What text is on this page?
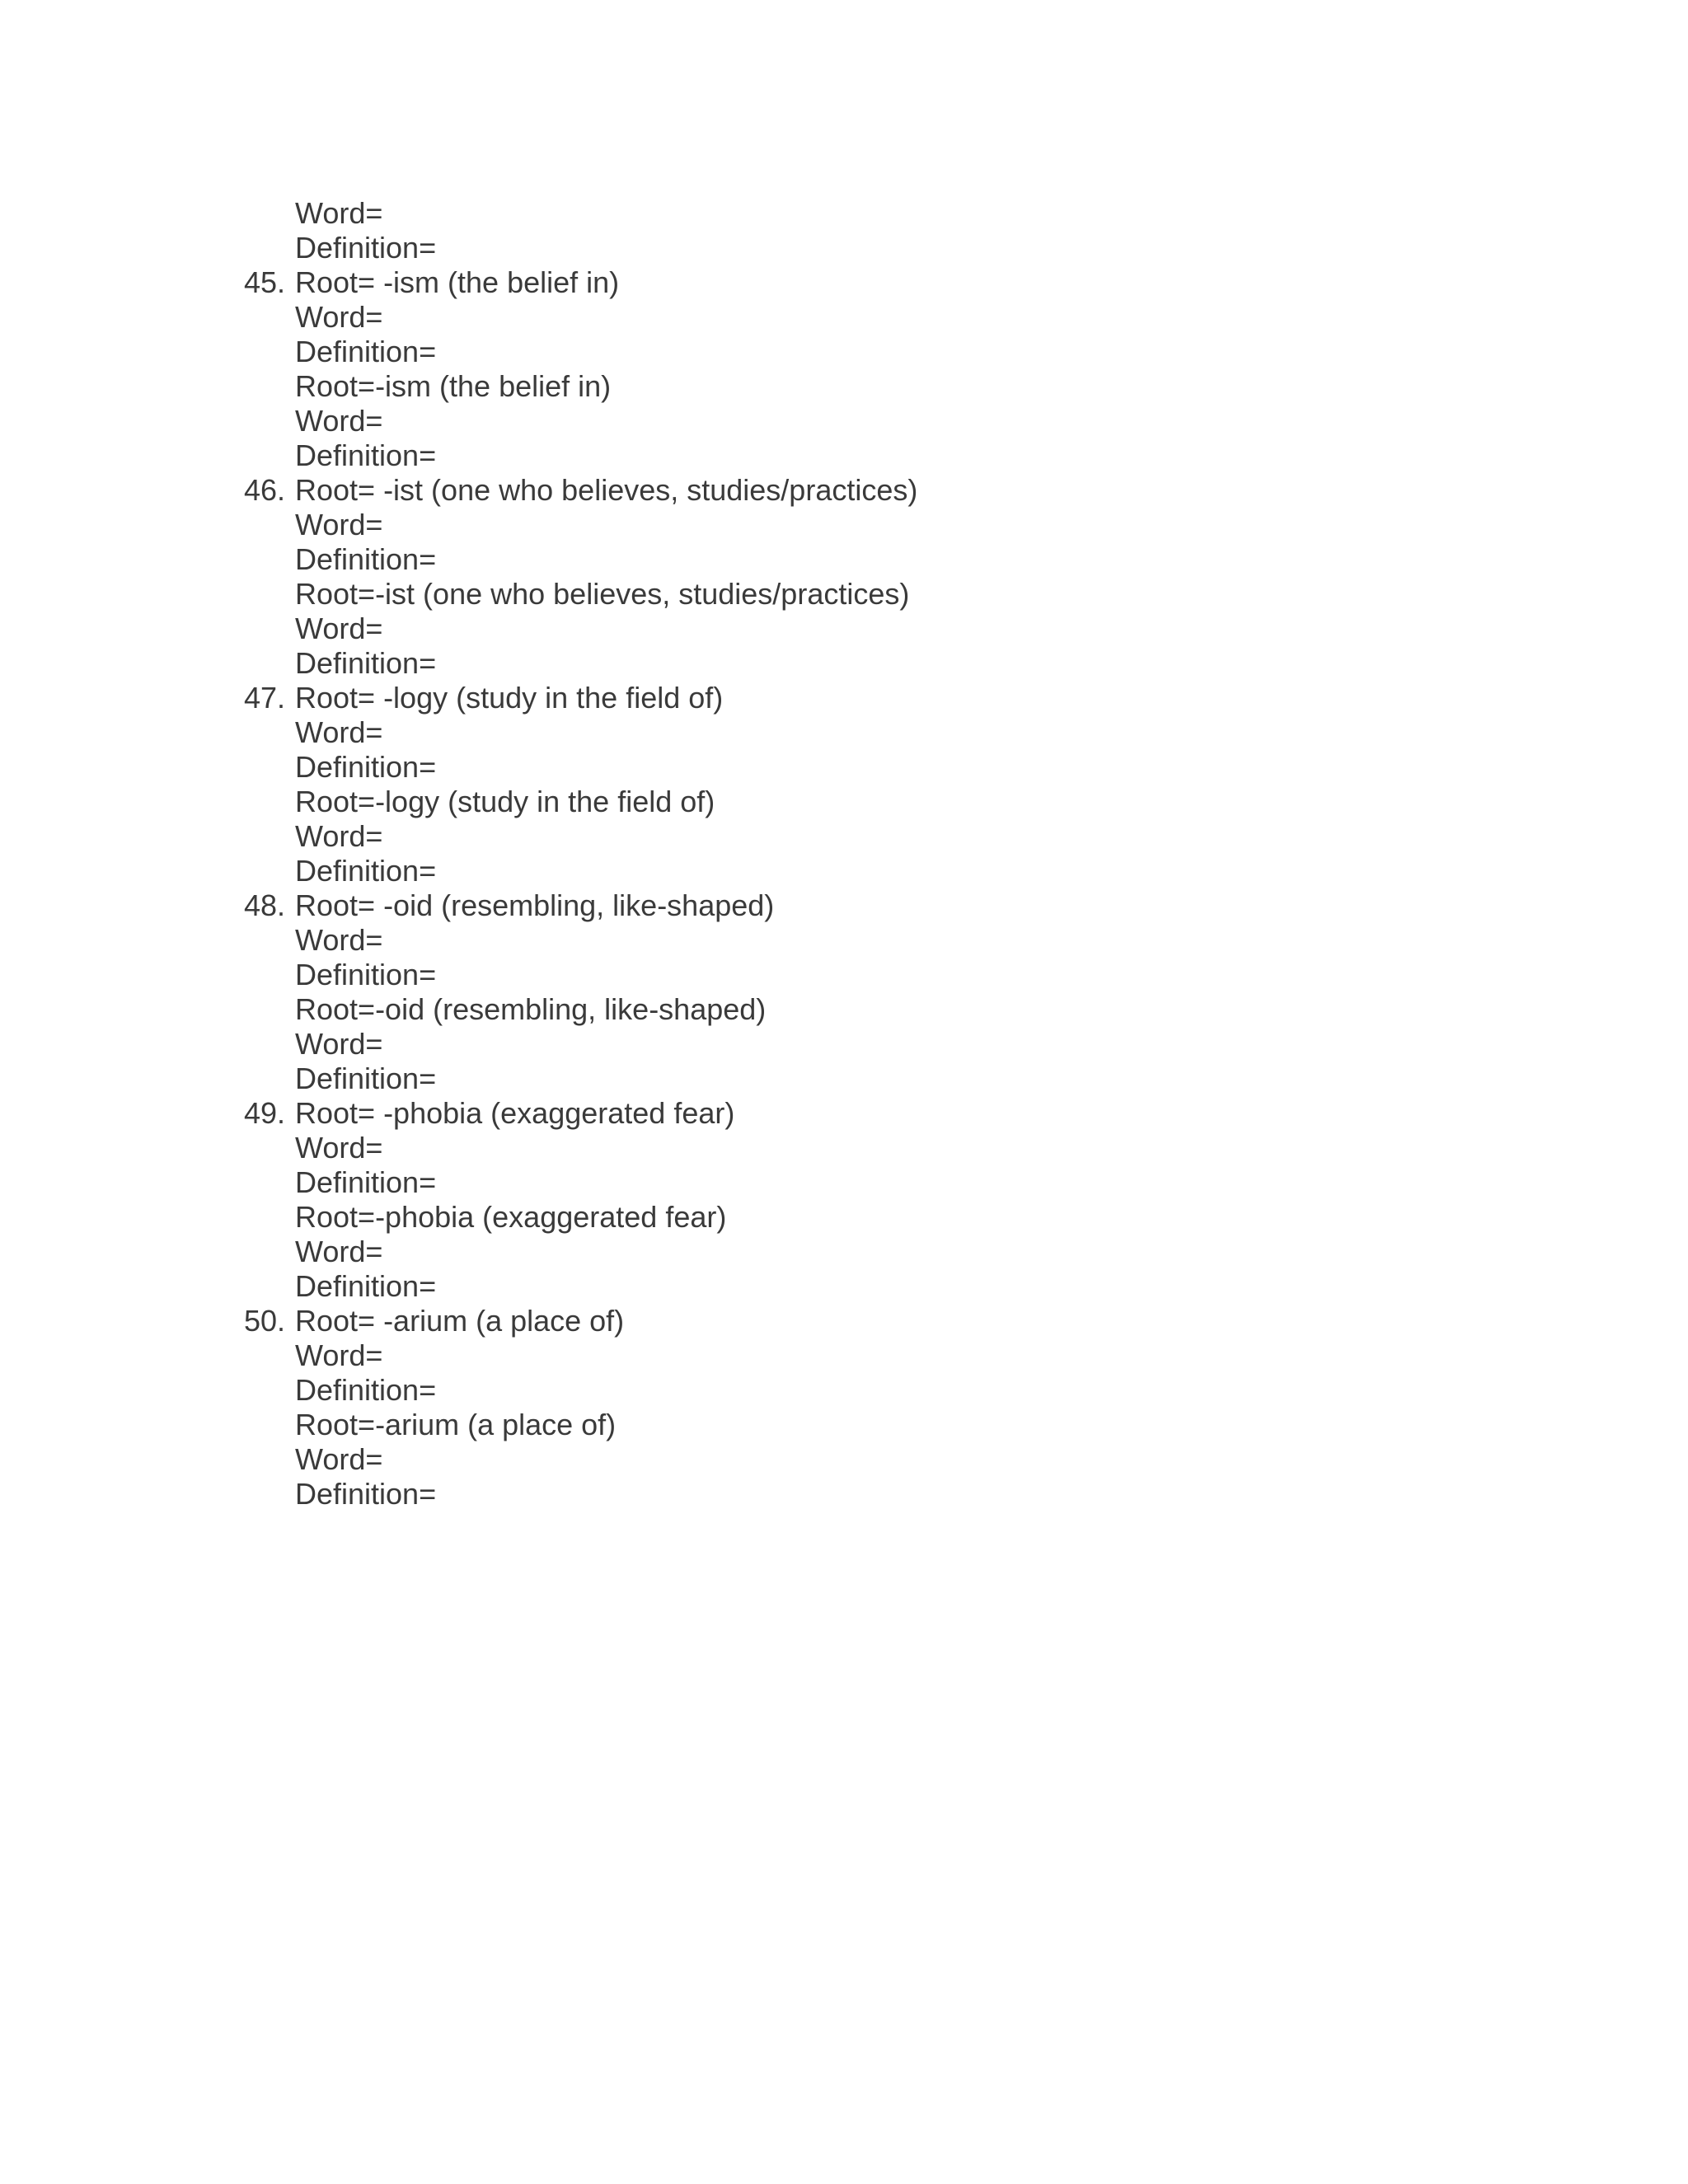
Word=
Definition=
45. Root= -ism (the belief in)
Word=
Definition=
Root=-ism (the belief in)
Word=
Definition=
46. Root= -ist (one who believes, studies/practices)
Word=
Definition=
Root=-ist (one who believes, studies/practices)
Word=
Definition=
47. Root= -logy (study in the field of)
Word=
Definition=
Root=-logy (study in the field of)
Word=
Definition=
48. Root= -oid (resembling, like-shaped)
Word=
Definition=
Root=-oid (resembling, like-shaped)
Word=
Definition=
49. Root= -phobia (exaggerated fear)
Word=
Definition=
Root=-phobia (exaggerated fear)
Word=
Definition=
50. Root= -arium (a place of)
Word=
Definition=
Root=-arium (a place of)
Word=
Definition=
